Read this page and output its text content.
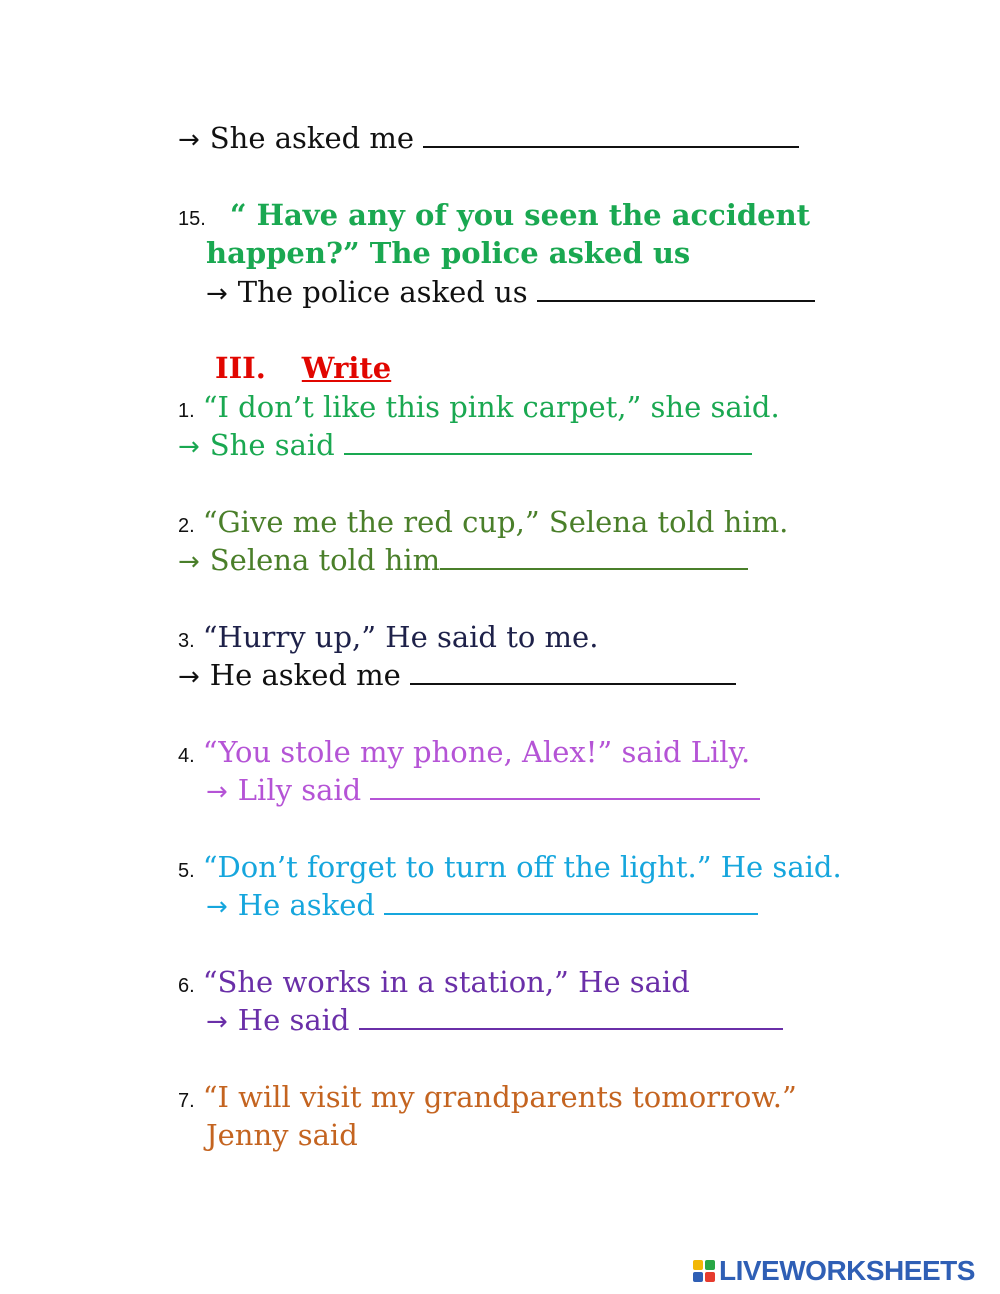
→ She asked me
15. “ Have any of you seen the accident
happen?” The police asked us
→ The police asked us
III. Write
1. “I don’t like this pink carpet,” she said.
→ She said
2. “Give me the red cup,” Selena told him.
→ Selena told him
3. “Hurry up,” He said to me.
→ He asked me
4. “You stole my phone, Alex!” said Lily.
→ Lily said
5. “Don’t forget to turn off the light.” He said.
→ He asked
6. “She works in a station,” He said
→ He said
7. “I will visit my grandparents tomorrow.”
Jenny said
LIVEWORKSHEETS
